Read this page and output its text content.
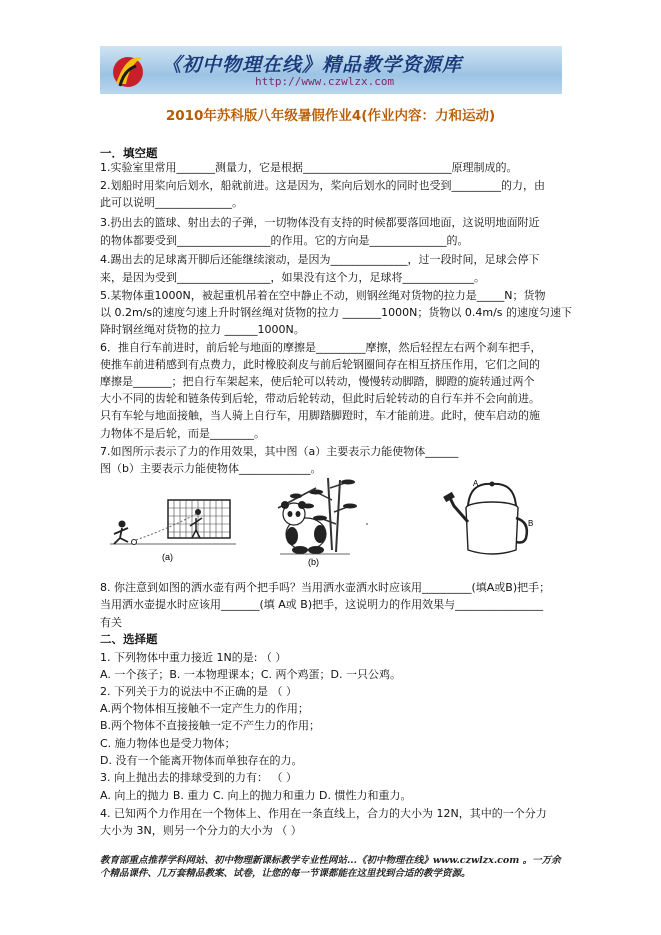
《初中物理在线》精品教学资源库
http://www.czwlzx.com
2010年苏科版八年级暑假作业4(作业内容：力和运动)
一．填空题
1.实验室里常用_______测量力，它是根据___________________________原理制成的。
2.划船时用桨向后划水，船就前进。这是因为，桨向后划水的同时也受到_________的力，由
此可以说明______________。
3.扔出去的篮球、射出去的子弹，一切物体没有支持的时候都要落回地面，这说明地面附近
的物体都要受到_________________的作用。它的方向是______________的。
4.踢出去的足球离开脚后还能继续滚动，是因为______________，过一段时间，足球会停下
来，是因为受到_________________，如果没有这个力，足球将_____________。
5.某物体重1000N，被起重机吊着在空中静止不动，则钢丝绳对货物的拉力是_____N；货物
以 0.2m/s的速度匀速上升时钢丝绳对货物的拉力 _______1000N；货物以 0.4m/s 的速度匀速下
降时钢丝绳对货物的拉力 ______1000N。
6．推自行车前进时，前后轮与地面的摩擦是_________摩擦，然后轻捏左右两个刹车把手，
使推车前进稍感到有点费力，此时橡胶刹皮与前后轮钢圈间存在相互挤压作用，它们之间的
摩擦是_______；把自行车架起来，使后轮可以转动，慢慢转动脚踏，脚蹬的旋转通过两个
大小不同的齿轮和链条传到后轮，带动后轮转动，但此时后轮转动的自行车并不会向前进。
只有车轮与地面接触，当人骑上自行车，用脚踏脚蹬时，车才能前进。此时，使车启动的施
力物体不是后轮，而是________。
7.如图所示表示了力的作用效果，其中图（a）主要表示力能使物体______
图（b）主要表示力能使物体_____________。
(a)	(b)
A
B
8. 你注意到如图的洒水壶有两个把手吗？当用洒水壶洒水时应该用_________(填A或B)把手；
当用洒水壶提水时应该用_______(填 A或 B)把手，这说明力的作用效果与________________
有关
二、选择题
1. 下列物体中重力接近 1N的是: （ ）
A. 一个孩子；B. 一本物理课本；C. 两个鸡蛋；D. 一只公鸡。
2. 下列关于力的说法中不正确的是 （ ）
A.两个物体相互接触不一定产生力的作用；
B.两个物体不直接接触一定不产生力的作用；
C. 施力物体也是受力物体；
D. 没有一个能离开物体而单独存在的力。
3. 向上抛出去的排球受到的力有： （ ）
A. 向上的抛力 B. 重力 C. 向上的抛力和重力 D. 惯性力和重力。
4. 已知两个力作用在一个物体上、作用在一条直线上，合力的大小为 12N，其中的一个分力
大小为 3N，则另一个分力的大小为 （ ）
教育部重点推荐学科网站、初中物理新课标教学专业性网站...《初中物理在线》www.czwlzx.com 。一万余
个精品课件、几万套精品教案、试卷，让您的每一节课都能在这里找到合适的教学资源。
